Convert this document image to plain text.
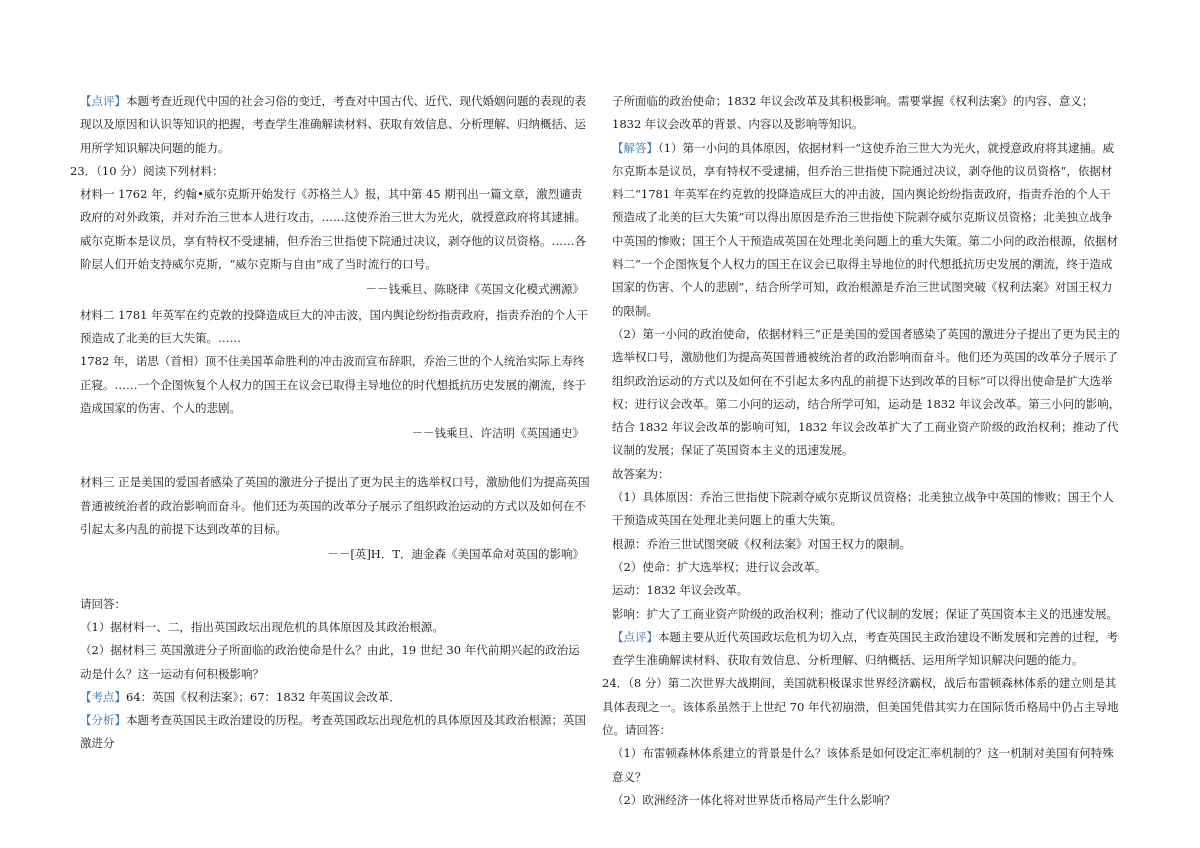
【点评】本题考查近现代中国的社会习俗的变迁，考查对中国古代、近代、现代婚姻问题的表现的表现以及原因和认识等知识的把握，考查学生准确解读材料、获取有效信息、分析理解、归纳概括、运用所学知识解决问题的能力。

23．（10 分）阅读下列材料：

材料一 1762 年，约翰•威尔克斯开始发行《苏格兰人》报，其中第 45 期刊出一篇文章，激烈谴责政府的对外政策，并对乔治三世本人进行攻击，……这使乔治三世大为光火，就授意政府将其逮捕。威尔克斯本是议员，享有特权不受逮捕，但乔治三世指使下院通过决议，剥夺他的议员资格。……各阶层人们开始支持威尔克斯，“威尔克斯与自由”成了当时流行的口号。

－－钱乘旦、陈晓律《英国文化模式溯源》

材料二 1781 年英军在约克敦的投降造成巨大的冲击波，国内舆论纷纷指责政府，指责乔治的个人干预造成了北美的巨大失策。……

1782 年，诺思（首相）顶不住美国革命胜利的冲击波而宣布辞职，乔治三世的个人统治实际上寿终正寝。……一个企图恢复个人权力的国王在议会已取得主导地位的时代想抵抗历史发展的潮流，终于造成国家的伤害、个人的悲剧。

－－钱乘旦、许洁明《英国通史》

材料三 正是美国的爱国者感染了英国的激进分子提出了更为民主的选举权口号，激励他们为提高英国普通被统治者的政治影响而奋斗。他们还为英国的改革分子展示了组织政治运动的方式以及如何在不引起太多内乱的前提下达到改革的目标。

－－[英]H．T．迪金森《美国革命对英国的影响》

请回答：

（1）据材料一、二，指出英国政坛出现危机的具体原因及其政治根源。

（2）据材料三 英国激进分子所面临的政治使命是什么？由此，19 世纪 30 年代前期兴起的政治运动是什么？这一运动有何积极影响？

【考点】64：英国《权利法案》；67：1832 年英国议会改革．

【分析】本题考查英国民主政治建设的历程。考查英国政坛出现危机的具体原因及其政治根源；英国激进分

子所面临的政治使命；1832 年议会改革及其积极影响。需要掌握《权利法案》的内容、意义；1832 年议会改革的背景、内容以及影响等知识。

【解答】（1）第一小问的具体原因，依据材料一“这使乔治三世大为光火，就授意政府将其逮捕。威尔克斯本是议员，享有特权不受逮捕，但乔治三世指使下院通过决议，剥夺他的议员资格”，依据材料二“1781 年英军在约克敦的投降造成巨大的冲击波，国内舆论纷纷指责政府，指责乔治的个人干预造成了北美的巨大失策”可以得出原因是乔治三世指使下院剥夺威尔克斯议员资格；北美独立战争中英国的惨败；国王个人干预造成英国在处理北美问题上的重大失策。第二小问的政治根源，依据材料二“一个企图恢复个人权力的国王在议会已取得主导地位的时代想抵抗历史发展的潮流，终于造成国家的伤害、个人的悲剧”，结合所学可知，政治根源是乔治三世试图突破《权利法案》对国王权力的限制。

（2）第一小问的政治使命，依据材料三“正是美国的爱国者感染了英国的激进分子提出了更为民主的选举权口号，激励他们为提高英国普通被统治者的政治影响而奋斗。他们还为英国的改革分子展示了组织政治运动的方式以及如何在不引起太多内乱的前提下达到改革的目标”可以得出使命是扩大选举权；进行议会改革。第二小问的运动，结合所学可知，运动是 1832 年议会改革。第三小问的影响，结合 1832 年议会改革的影响可知，1832 年议会改革扩大了工商业资产阶级的政治权利；推动了代议制的发展；保证了英国资本主义的迅速发展。

故答案为：

（1）具体原因：乔治三世指使下院剥夺威尔克斯议员资格；北美独立战争中英国的惨败；国王个人干预造成英国在处理北美问题上的重大失策。

根源：乔治三世试图突破《权利法案》对国王权力的限制。

（2）使命：扩大选举权；进行议会改革。

运动：1832 年议会改革。

影响：扩大了工商业资产阶级的政治权利；推动了代议制的发展；保证了英国资本主义的迅速发展。

【点评】本题主要从近代英国政坛危机为切入点，考查英国民主政治建设不断发展和完善的过程，考查学生准确解读材料、获取有效信息、分析理解、归纳概括、运用所学知识解决问题的能力。

24．（8 分）第二次世界大战期间，美国就积极谋求世界经济霸权，战后布雷顿森林体系的建立则是其具体表现之一。该体系虽然于上世纪 70 年代初崩溃，但美国凭借其实力在国际货币格局中仍占主导地位。请回答：

（1）布雷顿森林体系建立的背景是什么？该体系是如何设定汇率机制的？这一机制对美国有何特殊意义？

（2）欧洲经济一体化将对世界货币格局产生什么影响？
